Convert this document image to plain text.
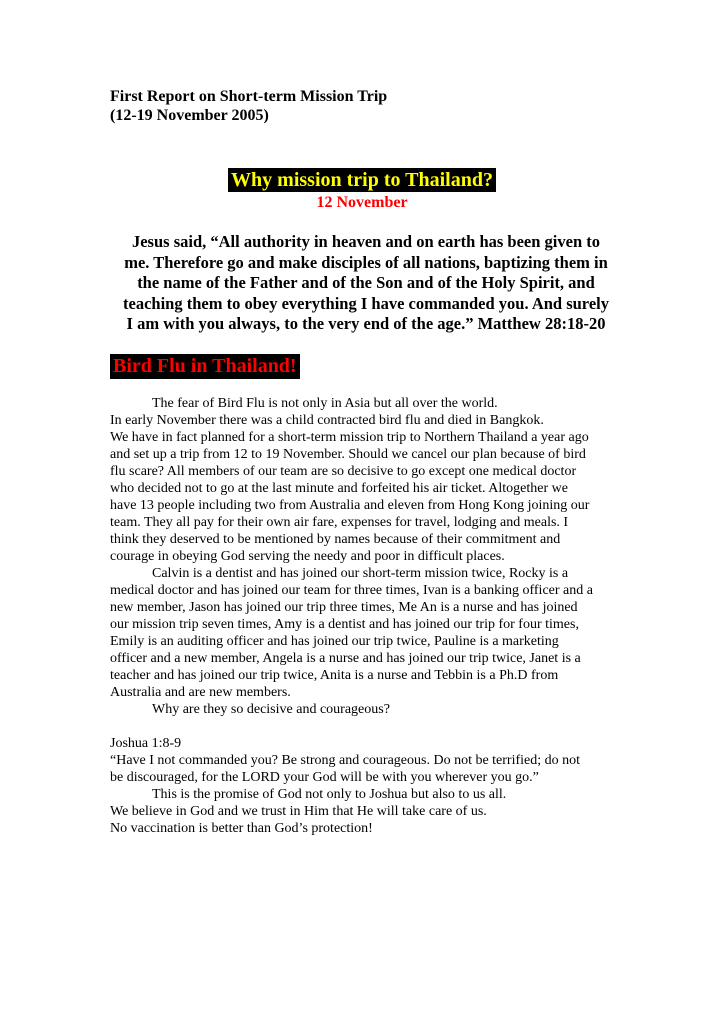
First Report on Short-term Mission Trip
(12-19 November 2005)
Why mission trip to Thailand?
12 November
Jesus said, “All authority in heaven and on earth has been given to
me. Therefore go and make disciples of all nations, baptizing them in
the name of the Father and of the Son and of the Holy Spirit, and
teaching them to obey everything I have commanded you. And surely
I am with you always, to the very end of the age.” Matthew 28:18-20
Bird Flu in Thailand!
The fear of Bird Flu is not only in Asia but all over the world.
In early November there was a child contracted bird flu and died in Bangkok.
We have in fact planned for a short-term mission trip to Northern Thailand a year ago
and set up a trip from 12 to 19 November. Should we cancel our plan because of bird
flu scare? All members of our team are so decisive to go except one medical doctor
who decided not to go at the last minute and forfeited his air ticket. Altogether we
have 13 people including two from Australia and eleven from Hong Kong joining our
team. They all pay for their own air fare, expenses for travel, lodging and meals. I
think they deserved to be mentioned by names because of their commitment and
courage in obeying God serving the needy and poor in difficult places.
Calvin is a dentist and has joined our short-term mission twice, Rocky is a
medical doctor and has joined our team for three times, Ivan is a banking officer and a
new member, Jason has joined our trip three times, Me An is a nurse and has joined
our mission trip seven times, Amy is a dentist and has joined our trip for four times,
Emily is an auditing officer and has joined our trip twice, Pauline is a marketing
officer and a new member, Angela is a nurse and has joined our trip twice, Janet is a
teacher and has joined our trip twice, Anita is a nurse and Tebbin is a Ph.D from
Australia and are new members.
Why are they so decisive and courageous?
Joshua 1:8-9
“Have I not commanded you? Be strong and courageous. Do not be terrified; do not
be discouraged, for the LORD your God will be with you wherever you go.”
This is the promise of God not only to Joshua but also to us all.
We believe in God and we trust in Him that He will take care of us.
No vaccination is better than God’s protection!
